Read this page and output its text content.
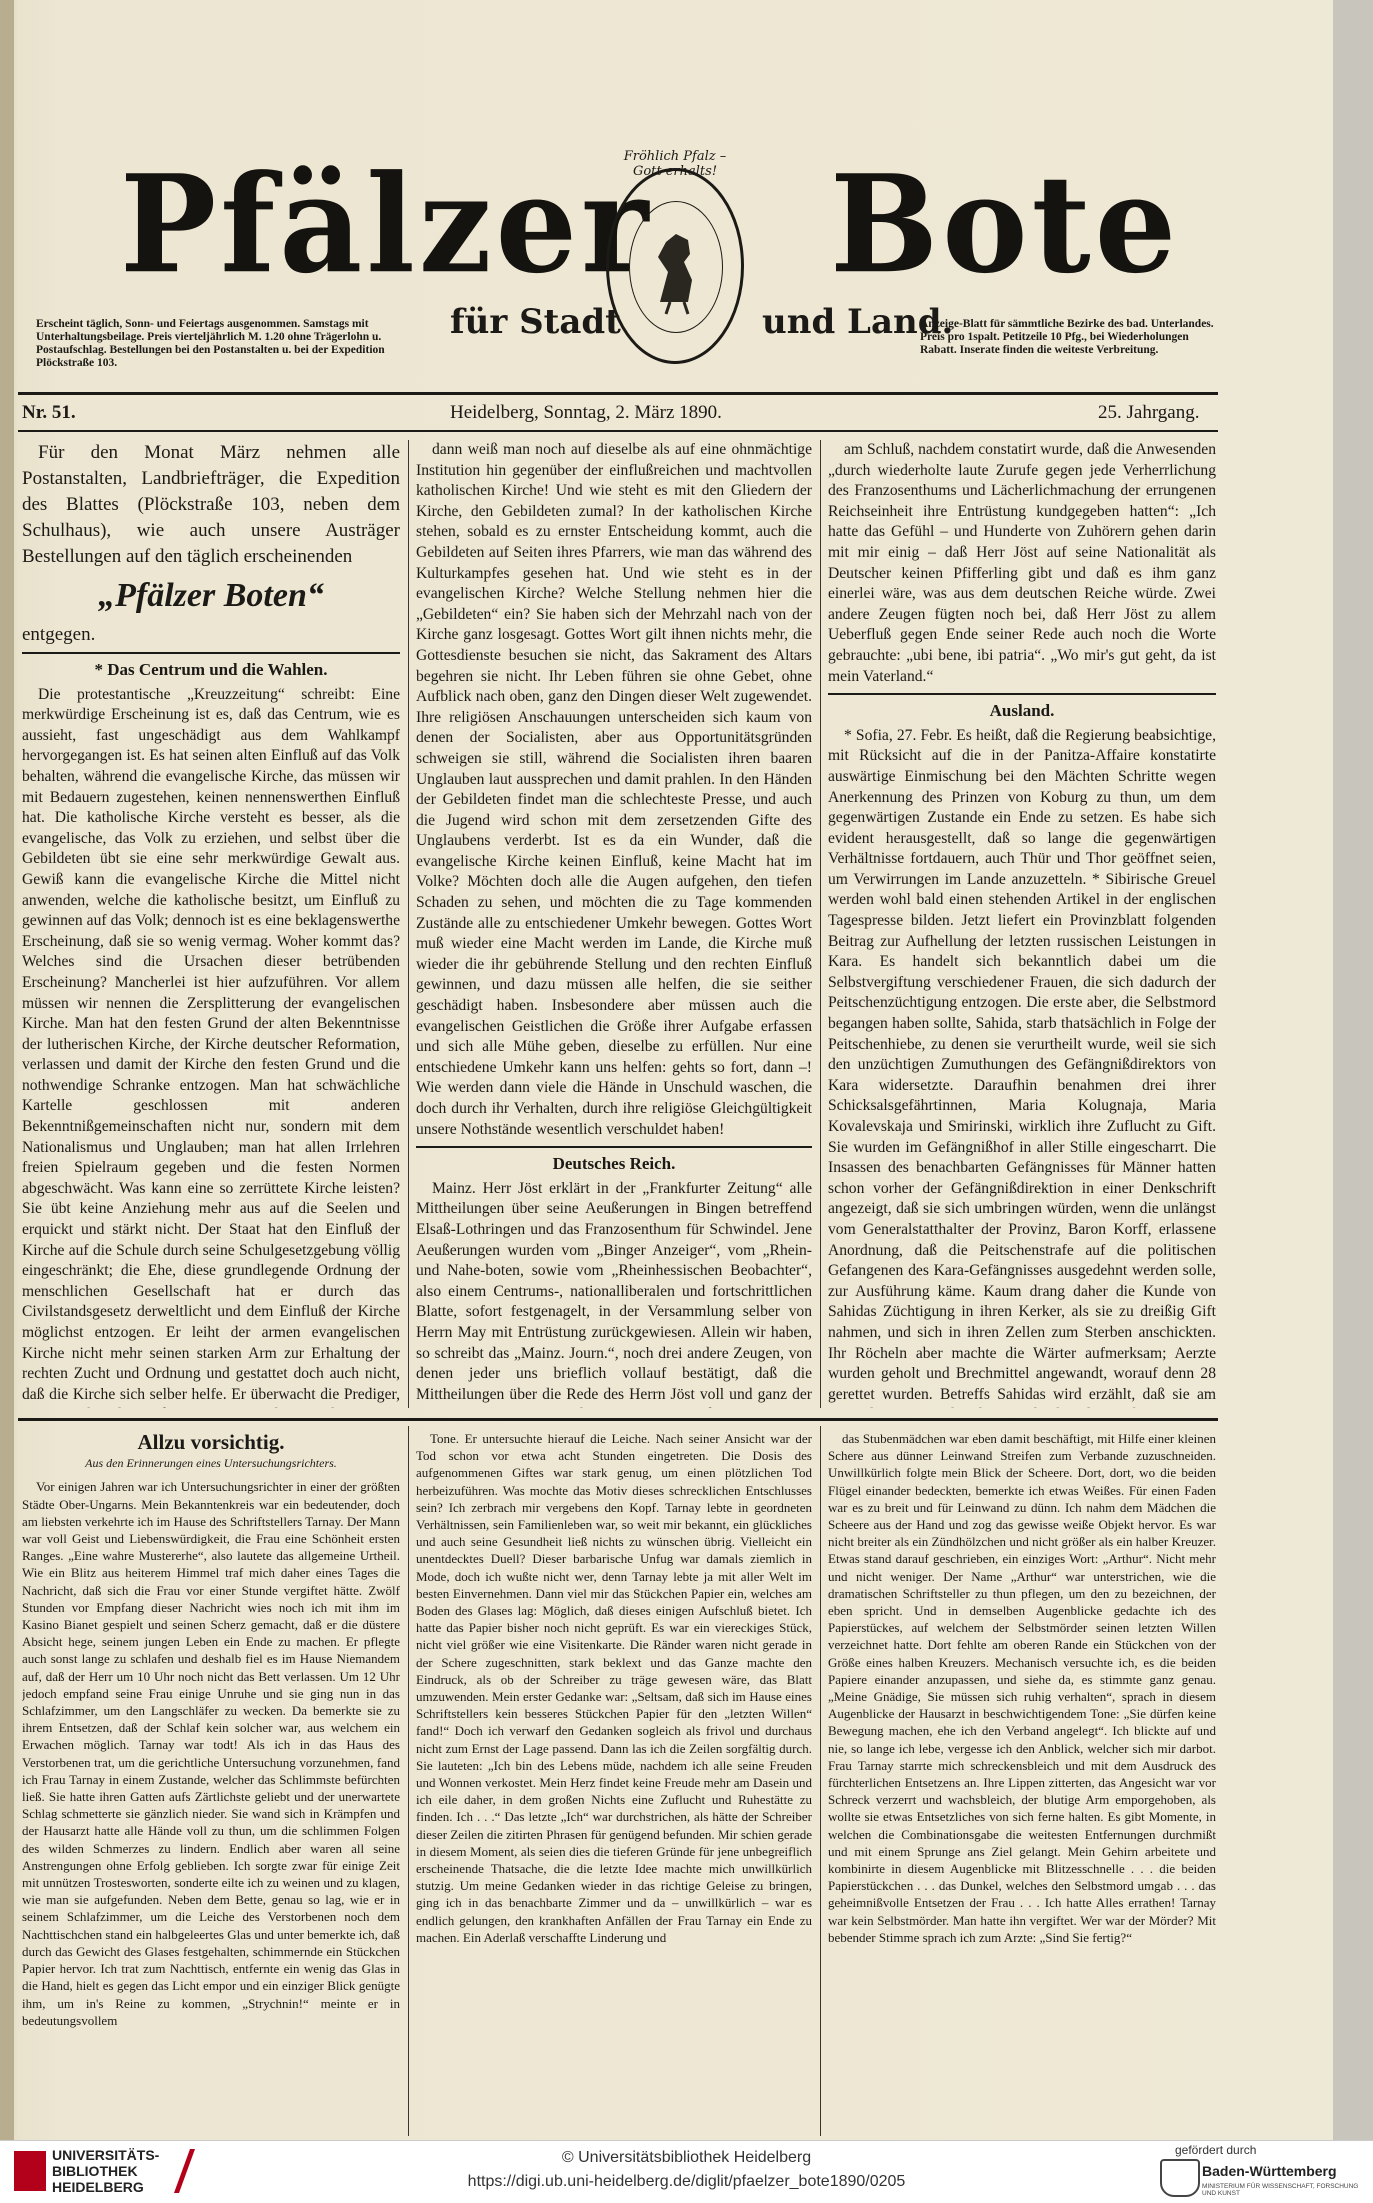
Pfälzer Bote
Fröhlich Pfalz – Gott erhalts!
Erscheint täglich, Sonn- und Feiertags ausgenommen. Samstags mit Unterhaltungsbeilage. Preis vierteljährlich M. 1.20 ohne Trägerlohn u. Postaufschlag. Bestellungen bei den Postanstalten u. bei der Expedition Plöckstraße 103.
für Stadt	und Land.
Anzeige-Blatt für sämmtliche Bezirke des bad. Unterlandes. Preis pro 1spalt. Petitzeile 10 Pfg., bei Wiederholungen Rabatt. Inserate finden die weiteste Verbreitung.
Nr. 51.	Heidelberg, Sonntag, 2. März 1890.	25. Jahrgang.

Für den Monat März nehmen alle Postanstalten, Landbriefträger, die Expedition des Blattes (Plöckstraße 103, neben dem Schulhaus), wie auch unsere Austräger Bestellungen auf den täglich erscheinenden

„Pfälzer Boten“

entgegen.

* Das Centrum und die Wahlen.

Die protestantische „Kreuzzeitung“ schreibt: Eine merkwürdige Erscheinung ist es, daß das Centrum, wie es aussieht, fast ungeschädigt aus dem Wahlkampf hervorgegangen ist. Es hat seinen alten Einfluß auf das Volk behalten, während die evangelische Kirche, das müssen wir mit Bedauern zugestehen, keinen nennenswerthen Einfluß hat. Die katholische Kirche versteht es besser, als die evangelische, das Volk zu erziehen, und selbst über die Gebildeten übt sie eine sehr merkwürdige Gewalt aus. Gewiß kann die evangelische Kirche die Mittel nicht anwenden, welche die katholische besitzt, um Einfluß zu gewinnen auf das Volk; dennoch ist es eine beklagenswerthe Erscheinung, daß sie so wenig vermag. Woher kommt das? Welches sind die Ursachen dieser betrübenden Erscheinung? Mancherlei ist hier aufzuführen. Vor allem müssen wir nennen die Zersplitterung der evangelischen Kirche. Man hat den festen Grund der alten Bekenntnisse der lutherischen Kirche, der Kirche deutscher Reformation, verlassen und damit der Kirche den festen Grund und die nothwendige Schranke entzogen. Man hat schwächliche Kartelle geschlossen mit anderen Bekenntnißgemeinschaften nicht nur, sondern mit dem Nationalismus und Unglauben; man hat allen Irrlehren freien Spielraum gegeben und die festen Normen abgeschwächt. Was kann eine so zerrüttete Kirche leisten? Sie übt keine Anziehung mehr aus auf die Seelen und erquickt und stärkt nicht. Der Staat hat den Einfluß der Kirche auf die Schule durch seine Schulgesetzgebung völlig eingeschränkt; die Ehe, diese grundlegende Ordnung der menschlichen Gesellschaft hat er durch das Civilstandsgesetz derweltlicht und dem Einfluß der Kirche möglichst entzogen. Er leiht der armen evangelischen Kirche nicht mehr seinen starken Arm zur Erhaltung der rechten Zucht und Ordnung und gestattet doch auch nicht, daß die Kirche sich selber helfe. Er überwacht die Prediger,

dann weiß man noch auf dieselbe als auf eine ohnmächtige Institution hin gegenüber der einflußreichen und machtvollen katholischen Kirche! Und wie steht es mit den Gliedern der Kirche, den Gebildeten zumal? In der katholischen Kirche stehen, sobald es zu ernster Entscheidung kommt, auch die Gebildeten auf Seiten ihres Pfarrers, wie man das während des Kulturkampfes gesehen hat. Und wie steht es in der evangelischen Kirche? Welche Stellung nehmen hier die „Gebildeten“ ein? Sie haben sich der Mehrzahl nach von der Kirche ganz losgesagt. Gottes Wort gilt ihnen nichts mehr, die Gottesdienste besuchen sie nicht, das Sakrament des Altars begehren sie nicht. Ihr Leben führen sie ohne Gebet, ohne Aufblick nach oben, ganz den Dingen dieser Welt zugewendet. Ihre religiösen Anschauungen unterscheiden sich kaum von denen der Socialisten, aber aus Opportunitätsgründen schweigen sie still, während die Socialisten ihren baaren Unglauben laut aussprechen und damit prahlen. In den Händen der Gebildeten findet man die schlechteste Presse, und auch die Jugend wird schon mit dem zersetzenden Gifte des Unglaubens verderbt. Ist es da ein Wunder, daß die evangelische Kirche keinen Einfluß, keine Macht hat im Volke? Möchten doch alle die Augen aufgehen, den tiefen Schaden zu sehen, und möchten die zu Tage kommenden Zustände alle zu entschiedener Umkehr bewegen. Gottes Wort muß wieder eine Macht werden im Lande, die Kirche muß wieder die ihr gebührende Stellung und den rechten Einfluß gewinnen, und dazu müssen alle helfen, die sie seither geschädigt haben. Insbesondere aber müssen auch die evangelischen Geistlichen die Größe ihrer Aufgabe erfassen und sich alle Mühe geben, dieselbe zu erfüllen. Nur eine entschiedene Umkehr kann uns helfen: gehts so fort, dann –! Wie werden dann viele die Hände in Unschuld waschen, die doch durch ihr Verhalten, durch ihre religiöse Gleichgültigkeit unsere Nothstände wesentlich verschuldet haben!

Deutsches Reich.

Mainz. Herr Jöst erklärt in der „Frankfurter Zeitung“ alle Mittheilungen über seine Aeußerungen in Bingen betreffend Elsaß-Lothringen und das Franzosenthum für Schwindel. Jene Aeußerungen wurden vom „Binger Anzeiger“, vom „Rhein- und Nahe-boten, sowie vom „Rheinhessischen Beobachter“, also einem Centrums-, nationalliberalen und fortschrittlichen Blatte, sofort festgenagelt, in der Versammlung selber von Herrn May mit Entrüstung zurückgewiesen. Allein wir haben, so schreibt das „Mainz. Journ.“, noch drei andere Zeugen, von denen jeder uns brieflich vollauf bestätigt, daß die Mittheilungen über die Rede des Herrn Jöst voll und ganz der

am Schluß, nachdem constatirt wurde, daß die Anwesenden „durch wiederholte laute Zurufe gegen jede Verherrlichung des Franzosenthums und Lächerlichmachung der errungenen Reichseinheit ihre Entrüstung kundgegeben hatten“: „Ich hatte das Gefühl – und Hunderte von Zuhörern gehen darin mit mir einig – daß Herr Jöst auf seine Nationalität als Deutscher keinen Pfifferling gibt und daß es ihm ganz einerlei wäre, was aus dem deutschen Reiche würde. Zwei andere Zeugen fügten noch bei, daß Herr Jöst zu allem Ueberfluß gegen Ende seiner Rede auch noch die Worte gebrauchte: „ubi bene, ibi patria“. „Wo mir's gut geht, da ist mein Vaterland.“

Ausland.

* Sofia, 27. Febr. Es heißt, daß die Regierung beabsichtige, mit Rücksicht auf die in der Panitza-Affaire konstatirte auswärtige Einmischung bei den Mächten Schritte wegen Anerkennung des Prinzen von Koburg zu thun, um dem gegenwärtigen Zustande ein Ende zu setzen. Es habe sich evident herausgestellt, daß so lange die gegenwärtigen Verhältnisse fortdauern, auch Thür und Thor geöffnet seien, um Verwirrungen im Lande anzuzetteln. * Sibirische Greuel werden wohl bald einen stehenden Artikel in der englischen Tagespresse bilden. Jetzt liefert ein Provinzblatt folgenden Beitrag zur Aufhellung der letzten russischen Leistungen in Kara. Es handelt sich bekanntlich dabei um die Selbstvergiftung verschiedener Frauen, die sich dadurch der Peitschenzüchtigung entzogen. Die erste aber, die Selbstmord begangen haben sollte, Sahida, starb thatsächlich in Folge der Peitschenhiebe, zu denen sie verurtheilt wurde, weil sie sich den unzüchtigen Zumuthungen des Gefängnißdirektors von Kara widersetzte. Daraufhin benahmen drei ihrer Schicksalsgefährtinnen, Maria Kolugnaja, Maria Kovalevskaja und Smirinski, wirklich ihre Zuflucht zu Gift. Sie wurden im Gefängnißhof in aller Stille eingescharrt. Die Insassen des benachbarten Gefängnisses für Männer hatten schon vorher der Gefängnißdirektion in einer Denkschrift angezeigt, daß sie sich umbringen würden, wenn die unlängst vom Generalstatthalter der Provinz, Baron Korff, erlassene Anordnung, daß die Peitschenstrafe auf die politischen Gefangenen des Kara-Gefängnisses ausgedehnt werden solle, zur Ausführung käme. Kaum drang daher die Kunde von Sahidas Züchtigung in ihren Kerker, als sie zu dreißig Gift nahmen, und sich in ihren Zellen zum Sterben anschickten. Ihr Röcheln aber machte die Wärter aufmerksam; Aerzte wurden geholt und Brechmittel angewandt, worauf denn 28 gerettet wurden. Betreffs Sahidas wird erzählt, daß sie am

Allzu vorsichtig.
Aus den Erinnerungen eines Untersuchungsrichters.

Vor einigen Jahren war ich Untersuchungsrichter in einer der größten Städte Ober-Ungarns. Mein Bekanntenkreis war ein bedeutender, doch am liebsten verkehrte ich im Hause des Schriftstellers Tarnay. Der Mann war voll Geist und Liebenswürdigkeit, die Frau eine Schönheit ersten Ranges. „Eine wahre Mustererhe“, also lautete das allgemeine Urtheil. Wie ein Blitz aus heiterem Himmel traf mich daher eines Tages die Nachricht, daß sich die Frau vor einer Stunde vergiftet hätte. Zwölf Stunden vor Empfang dieser Nachricht wies noch ich mit ihm im Kasino Bianet gespielt und seinen Scherz gemacht, daß er die düstere Absicht hege, seinem jungen Leben ein Ende zu machen. Er pflegte auch sonst lange zu schlafen und deshalb fiel es im Hause Niemandem auf, daß der Herr um 10 Uhr noch nicht das Bett verlassen. Um 12 Uhr jedoch empfand seine Frau einige Unruhe und sie ging nun in das Schlafzimmer, um den Langschläfer zu wecken. Da bemerkte sie zu ihrem Entsetzen, daß der Schlaf kein solcher war, aus welchem ein Erwachen möglich. Tarnay war todt! Als ich in das Haus des Verstorbenen trat, um die gerichtliche Untersuchung vorzunehmen, fand ich Frau Tarnay in einem Zustande, welcher das Schlimmste befürchten ließ. Sie hatte ihren Gatten aufs Zärtlichste geliebt und der unerwartete Schlag schmetterte sie gänzlich nieder. Sie wand sich in Krämpfen und der Hausarzt hatte alle Hände voll zu thun, um die schlimmen Folgen des wilden Schmerzes zu lindern. Endlich aber waren all seine Anstrengungen ohne Erfolg geblieben. Ich sorgte zwar für einige Zeit mit unnützen Trostesworten, sonderte eilte ich zu weinen und zu klagen, wie man sie aufgefunden. Neben dem Bette, genau so lag, wie er in seinem Schlafzimmer, um die Leiche des Verstorbenen noch dem Nachttischchen stand ein halbgeleertes Glas und unter bemerkte ich, daß durch das Gewicht des Glases festgehalten, schimmernde ein Stückchen Papier hervor. Ich trat zum Nachttisch, entfernte ein wenig das Glas in die Hand, hielt es gegen das Licht empor und ein einziger Blick genügte ihm, um in's Reine zu kommen, „Strychnin!“ meinte er in bedeutungsvollem

Tone. Er untersuchte hierauf die Leiche. Nach seiner Ansicht war der Tod schon vor etwa acht Stunden eingetreten. Die Dosis des aufgenommenen Giftes war stark genug, um einen plötzlichen Tod herbeizuführen. Was mochte das Motiv dieses schrecklichen Entschlusses sein? Ich zerbrach mir vergebens den Kopf. Tarnay lebte in geordneten Verhältnissen, sein Familienleben war, so weit mir bekannt, ein glückliches und auch seine Gesundheit ließ nichts zu wünschen übrig. Vielleicht ein unentdecktes Duell? Dieser barbarische Unfug war damals ziemlich in Mode, doch ich wußte nicht wer, denn Tarnay lebte ja mit aller Welt im besten Einvernehmen. Dann viel mir das Stückchen Papier ein, welches am Boden des Glases lag: Möglich, daß dieses einigen Aufschluß bietet. Ich hatte das Papier bisher noch nicht geprüft. Es war ein viereckiges Stück, nicht viel größer wie eine Visitenkarte. Die Ränder waren nicht gerade in der Schere zugeschnitten, stark beklext und das Ganze machte den Eindruck, als ob der Schreiber zu träge gewesen wäre, das Blatt umzuwenden. Mein erster Gedanke war: „Seltsam, daß sich im Hause eines Schriftstellers kein besseres Stückchen Papier für den „letzten Willen“ fand!“ Doch ich verwarf den Gedanken sogleich als frivol und durchaus nicht zum Ernst der Lage passend. Dann las ich die Zeilen sorgfältig durch. Sie lauteten: „Ich bin des Lebens müde, nachdem ich alle seine Freuden und Wonnen verkostet. Mein Herz findet keine Freude mehr am Dasein und ich eile daher, in dem großen Nichts eine Zuflucht und Ruhestätte zu finden. Ich . . .“ Das letzte „Ich“ war durchstrichen, als hätte der Schreiber dieser Zeilen die zitirten Phrasen für genügend befunden. Mir schien gerade in diesem Moment, als seien dies die tieferen Gründe für jene unbegreiflich erscheinende Thatsache, die die letzte Idee machte mich unwillkürlich stutzig. Um meine Gedanken wieder in das richtige Geleise zu bringen, ging ich in das benachbarte Zimmer und da – unwillkürlich – war es endlich gelungen, den krankhaften Anfällen der Frau Tarnay ein Ende zu machen. Ein Aderlaß verschaffte Linderung und

das Stubenmädchen war eben damit beschäftigt, mit Hilfe einer kleinen Schere aus dünner Leinwand Streifen zum Verbande zuzuschneiden. Unwillkürlich folgte mein Blick der Scheere. Dort, dort, wo die beiden Flügel einander bedeckten, bemerkte ich etwas Weißes. Für einen Faden war es zu breit und für Leinwand zu dünn. Ich nahm dem Mädchen die Scheere aus der Hand und zog das gewisse weiße Objekt hervor. Es war nicht breiter als ein Zündhölzchen und nicht größer als ein halber Kreuzer. Etwas stand darauf geschrieben, ein einziges Wort: „Arthur“. Nicht mehr und nicht weniger. Der Name „Arthur“ war unterstrichen, wie die dramatischen Schriftsteller zu thun pflegen, um den zu bezeichnen, der eben spricht. Und in demselben Augenblicke gedachte ich des Papierstückes, auf welchem der Selbstmörder seinen letzten Willen verzeichnet hatte. Dort fehlte am oberen Rande ein Stückchen von der Größe eines halben Kreuzers. Mechanisch versuchte ich, es die beiden Papiere einander anzupassen, und siehe da, es stimmte ganz genau. „Meine Gnädige, Sie müssen sich ruhig verhalten“, sprach in diesem Augenblicke der Hausarzt in beschwichtigendem Tone: „Sie dürfen keine Bewegung machen, ehe ich den Verband angelegt“. Ich blickte auf und nie, so lange ich lebe, vergesse ich den Anblick, welcher sich mir darbot. Frau Tarnay starrte mich schreckensbleich und mit dem Ausdruck des fürchterlichen Entsetzens an. Ihre Lippen zitterten, das Angesicht war vor Schreck verzerrt und wachsbleich, der blutige Arm emporgehoben, als wollte sie etwas Entsetzliches von sich ferne halten. Es gibt Momente, in welchen die Combinationsgabe die weitesten Entfernungen durchmißt und mit einem Sprunge ans Ziel gelangt. Mein Gehirn arbeitete und kombinirte in diesem Augenblicke mit Blitzesschnelle . . . die beiden Papierstückchen . . . das Dunkel, welches den Selbstmord umgab . . . das geheimnißvolle Entsetzen der Frau . . . Ich hatte Alles errathen! Tarnay war kein Selbstmörder. Man hatte ihn vergiftet. Wer war der Mörder? Mit bebender Stimme sprach ich zum Arzte: „Sind Sie fertig?“

UNIVERSITÄTS-
BIBLIOTHEK
HEIDELBERG
© Universitätsbibliothek Heidelberg
https://digi.ub.uni-heidelberg.de/diglit/pfaelzer_bote1890/0205
gefördert durch
Baden-Württemberg
MINISTERIUM FÜR WISSENSCHAFT, FORSCHUNG UND KUNST
